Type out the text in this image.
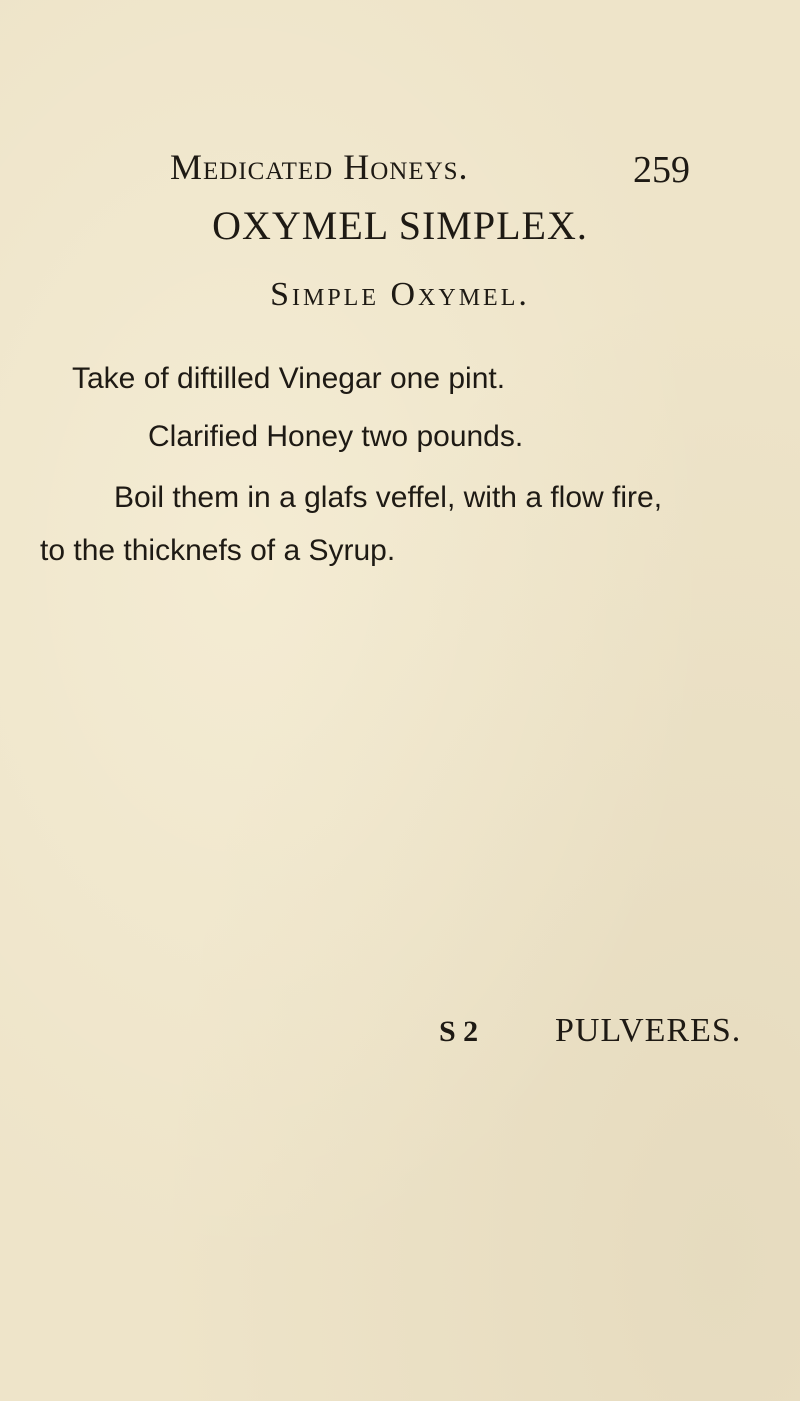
Medicated Honeys.	259
OXYMEL SIMPLEX.
Simple Oxymel.
Take of diftilled Vinegar one pint.
Clarified Honey two pounds.
Boil them in a glafs veffel, with a flow fire,
to the thicknefs of a Syrup.
S 2 PULVERES.
